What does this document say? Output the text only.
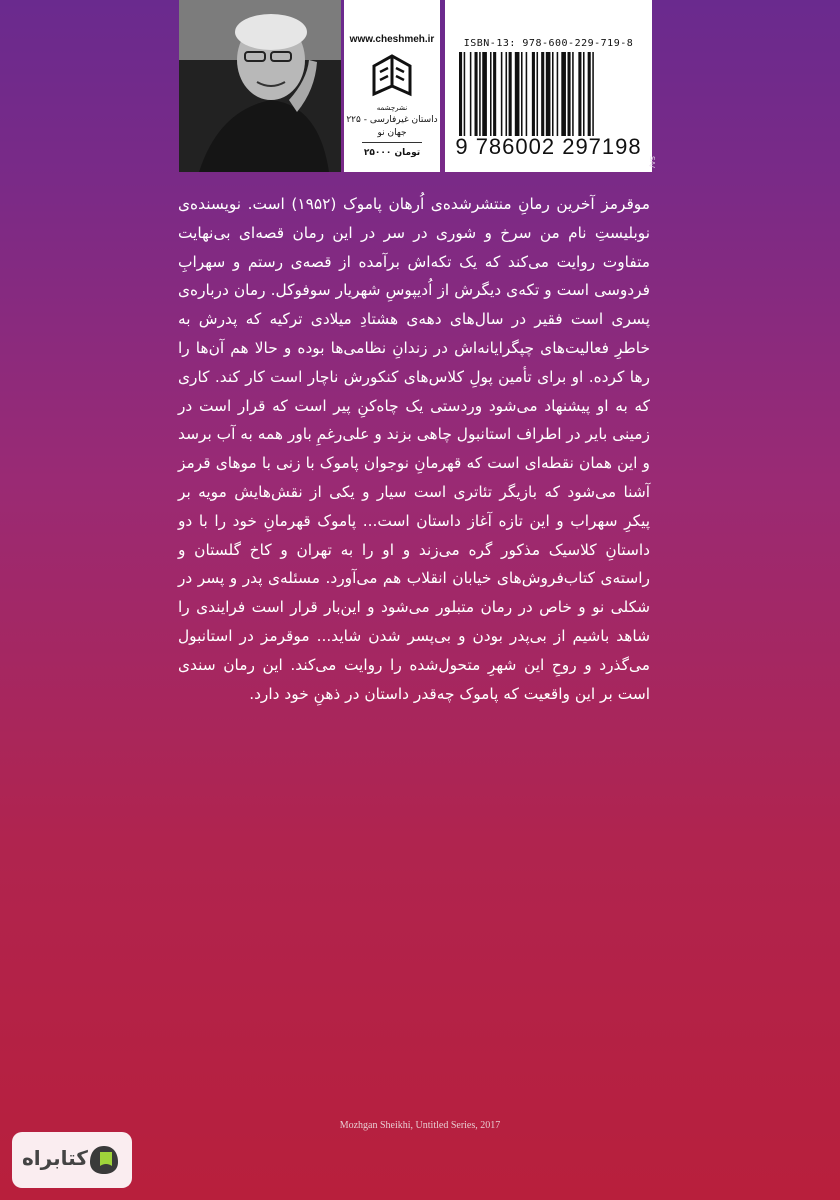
www.cheshmeh.ir
نشرچشمه
داستان غیرفارسی - ۲۲۵
جهان نو
۲۵۰۰۰ تومان
ISBN-13: 978-600-229-719-8
9 786002 297198
SA/
موقرمز آخرین رمانِ منتشرشده‌ی اُرهان پاموک (۱۹۵۲) است. نویسنده‌ی نوبلیستِ نام من سرخ و شوری در سر در این رمان قصه‌ای بی‌نهایت متفاوت روایت می‌کند که یک تکه‌اش برآمده از قصه‌ی رستم و سهرابِ فردوسی است و تکه‌ی دیگرش از اُدیپوسِ شهریار سوفوکل. رمان درباره‌ی پسری است فقیر در سال‌های دهه‌ی هشتادِ میلادی ترکیه که پدرش به خاطرِ فعالیت‌های چپگرایانه‌اش در زندانِ نظامی‌ها بوده و حالا هم آن‌ها را رها کرده. او برای تأمین پولِ کلاس‌های کنکورش ناچار است کار کند. کاری که به او پیشنهاد می‌شود وردستی یک چاه‌کنِ پیر است که قرار است در زمینی بایر در اطراف استانبول چاهی بزند و علی‌رغمِ باور همه به آب برسد و این همان نقطه‌ای است که قهرمانِ نوجوان پاموک با زنی با موهای قرمز آشنا می‌شود که بازیگر تئاتری است سیار و یکی از نقش‌هایش مویه بر پیکرِ سهراب و این تازه آغاز داستان است... پاموک قهرمانِ خود را با دو داستانِ کلاسیک مذکور گره می‌زند و او را به تهران و کاخ گلستان و راسته‌ی کتاب‌فروش‌های خیابان انقلاب هم می‌آورد. مسئله‌ی پدر و پسر در شکلی نو و خاص در رمان متبلور می‌شود و این‌بار قرار است فرایندی را شاهد باشیم از بی‌پدر بودن و بی‌پسر شدن شاید... موقرمز در استانبول می‌گذرد و روحِ این شهرِ متحول‌شده را روایت می‌کند. این رمان سندی است بر این واقعیت که پاموک چه‌قدر داستان در ذهنِ خود دارد.
Mozhgan Sheikhi, Untitled Series, 2017
کتابراه
